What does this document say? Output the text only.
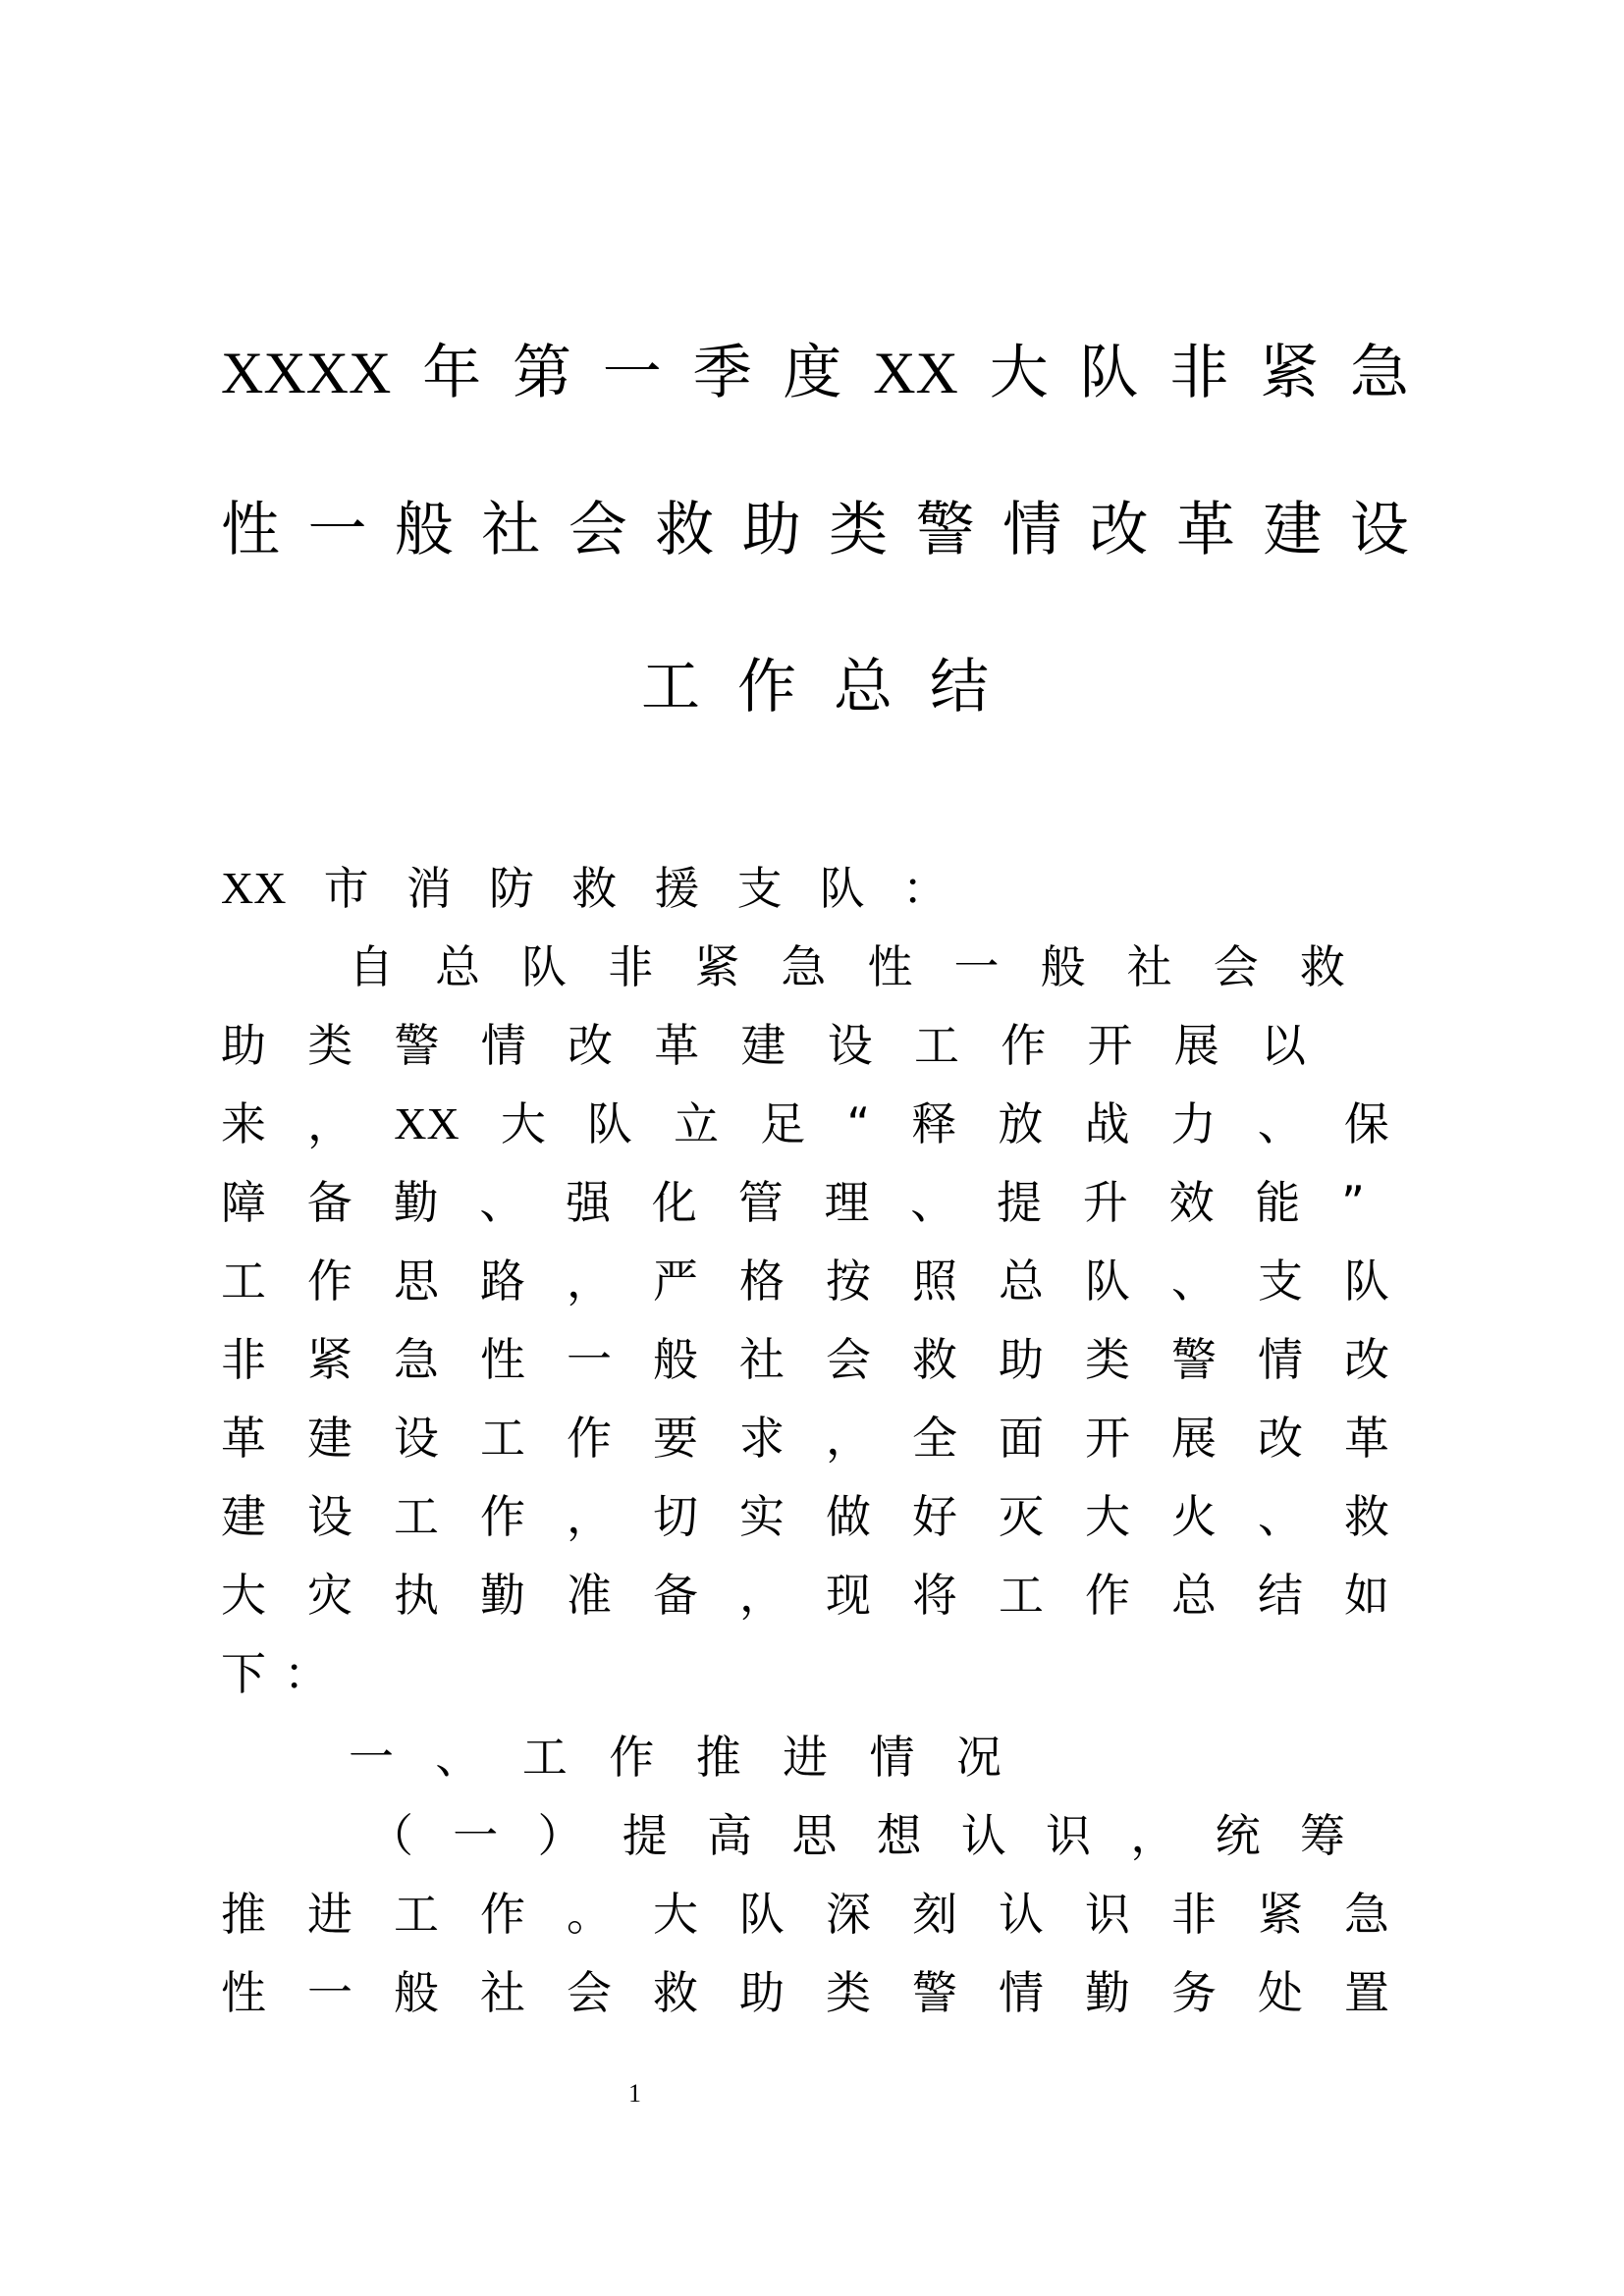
XXXX 年 第 一 季 度 XX 大 队 非 紧 急
性 一 般 社 会 救 助 类 警 情 改 革 建 设
工 作 总 结
XX 市 消 防 救 援 支 队 ：
自 总 队 非 紧 急 性 一 般 社 会 救
助 类 警 情 改 革 建 设 工 作 开 展 以
来 ， XX 大 队 立 足 “ 释 放 战 力 、 保
障 备 勤 、 强 化 管 理 、 提 升 效 能 ”
工 作 思 路 ， 严 格 按 照 总 队 、 支 队
非 紧 急 性 一 般 社 会 救 助 类 警 情 改
革 建 设 工 作 要 求 ， 全 面 开 展 改 革
建 设 工 作 ， 切 实 做 好 灭 大 火 、 救
大 灾 执 勤 准 备 ， 现 将 工 作 总 结 如
下 ：
一 、 工 作 推 进 情 况
（ 一 ） 提 高 思 想 认 识 ， 统 筹
推 进 工 作 。 大 队 深 刻 认 识 非 紧 急
性 一 般 社 会 救 助 类 警 情 勤 务 处 置
1
